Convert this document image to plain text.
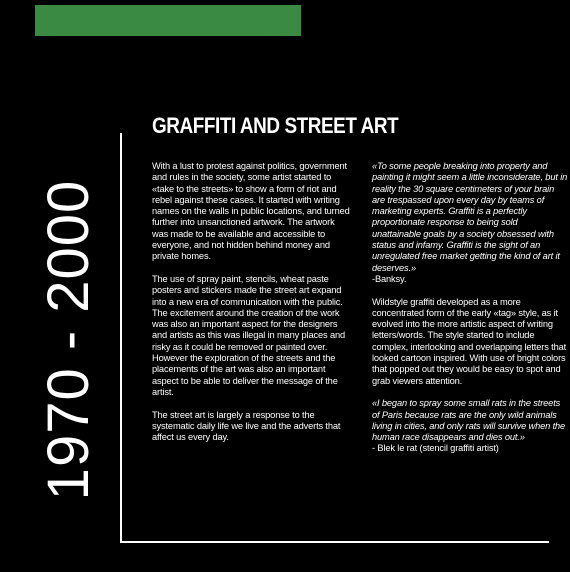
1970 - 2000
GRAFFITI AND STREET ART

With a lust to protest against politics, government and rules in the society, some artist started to «take to the streets» to show a form of riot and rebel against these cases. It started with writing names on the walls in public locations, and turned further into unsanctioned artwork. The artwork was made to be available and accessible to everyone, and not hidden behind money and private homes.

The use of spray paint, stencils, wheat paste posters and stickers made the street art expand into a new era of communication with the public. The excitement around the creation of the work was also an important aspect for the designers and artists as this was illegal in many places and risky as it could be removed or painted over. However the exploration of the streets and the placements of the art was also an important aspect to be able to deliver the message of the artist.

The street art is largely a response to the systematic daily life we live and the adverts that affect us every day.

«To some people breaking into property and painting it might seem a little inconsiderate, but in reality the 30 square centimeters of your brain are trespassed upon every day by teams of marketing experts. Graffiti is a perfectly proportionate response to being sold unattainable goals by a society obsessed with status and infamy. Graffiti is the sight of an unregulated free market getting the kind of art it deserves.»
-Banksy.

Wildstyle graffiti developed as a more concentrated form of the early «tag» style, as it evolved into the more artistic aspect of writing letters/words. The style started to include complex, interlocking and overlapping letters that looked cartoon inspired. With use of bright colors that popped out they would be easy to spot and grab viewers attention.

«I began to spray some small rats in the streets of Paris because rats are the only wild animals living in cities, and only rats will survive when the human race disappears and dies out.»
- Blek le rat (stencil graffiti artist)
